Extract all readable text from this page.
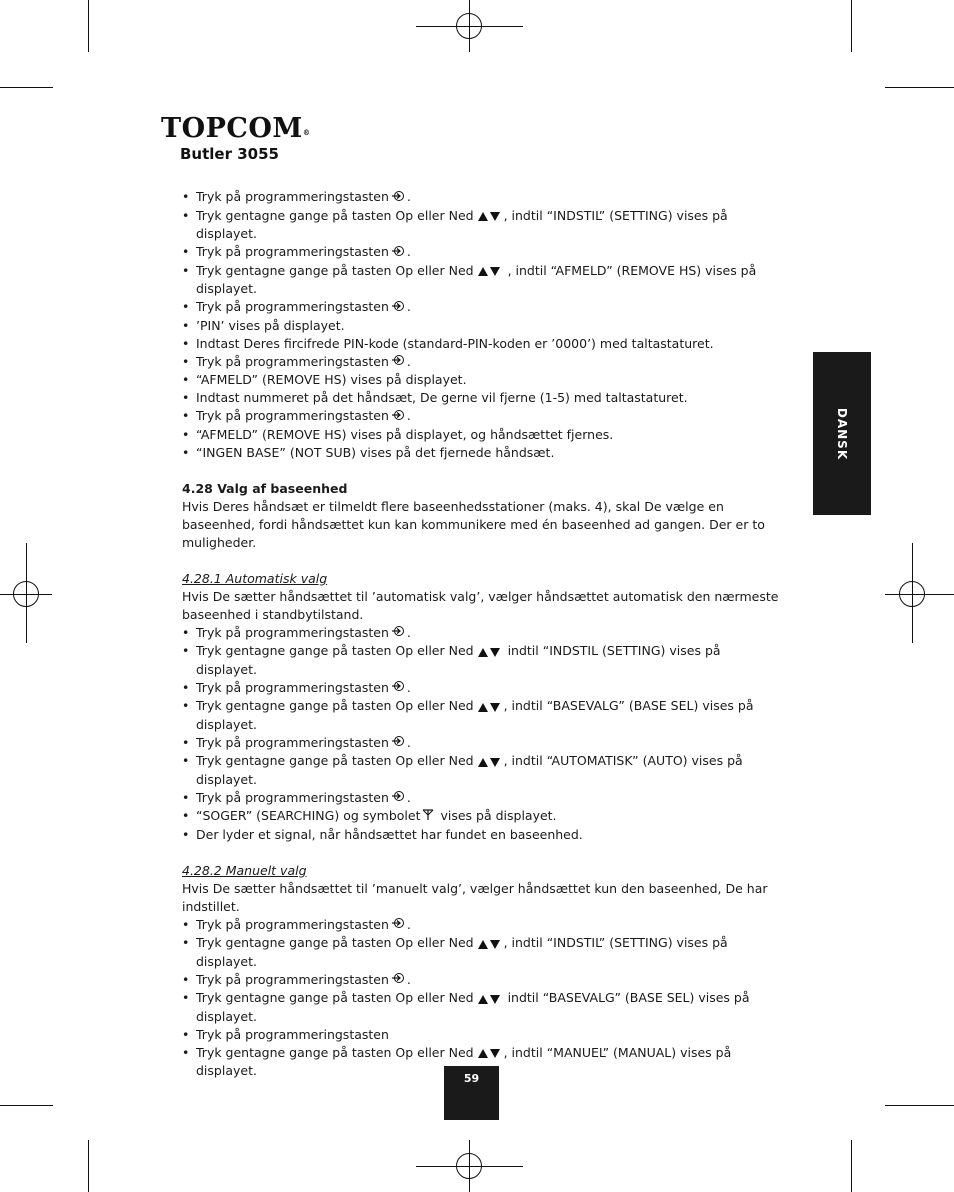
TOPCOM®
Butler 3055
DANSK
• Tryk på programmeringstasten .
• Tryk gentagne gange på tasten Op eller Ned , indtil “INDSTIL” (SETTING) vises på
displayet.
• Tryk på programmeringstasten .
• Tryk gentagne gange på tasten Op eller Ned , indtil “AFMELD” (REMOVE HS) vises på
displayet.
• Tryk på programmeringstasten .
• ’PIN’ vises på displayet.
• Indtast Deres fircifrede PIN-kode (standard-PIN-koden er ’0000’) med taltastaturet.
• Tryk på programmeringstasten .
• “AFMELD” (REMOVE HS) vises på displayet.
• Indtast nummeret på det håndsæt, De gerne vil fjerne (1-5) med taltastaturet.
• Tryk på programmeringstasten .
• “AFMELD” (REMOVE HS) vises på displayet, og håndsættet fjernes.
• “INGEN BASE” (NOT SUB) vises på det fjernede håndsæt.
4.28 Valg af baseenhed

Hvis Deres håndsæt er tilmeldt flere baseenhedsstationer (maks. 4), skal De vælge en
baseenhed, fordi håndsættet kun kan kommunikere med én baseenhed ad gangen. Der er to
muligheder.

4.28.1 Automatisk valg

Hvis De sætter håndsættet til ’automatisk valg’, vælger håndsættet automatisk den nærmeste
baseenhed i standbytilstand.

• Tryk på programmeringstasten .
• Tryk gentagne gange på tasten Op eller Ned indtil “INDSTIL (SETTING) vises på displayet.
• Tryk på programmeringstasten .
• Tryk gentagne gange på tasten Op eller Ned , indtil “BASEVALG” (BASE SEL) vises på
displayet.
• Tryk på programmeringstasten .
• Tryk gentagne gange på tasten Op eller Ned , indtil “AUTOMATISK” (AUTO) vises på
displayet.
• Tryk på programmeringstasten .
• “SOGER” (SEARCHING) og symbolet vises på displayet.
• Der lyder et signal, når håndsættet har fundet en baseenhed.
4.28.2 Manuelt valg

Hvis De sætter håndsættet til ’manuelt valg’, vælger håndsættet kun den baseenhed, De har
indstillet.

• Tryk på programmeringstasten .
• Tryk gentagne gange på tasten Op eller Ned , indtil “INDSTIL” (SETTING) vises på displayet.
• Tryk på programmeringstasten .
• Tryk gentagne gange på tasten Op eller Ned indtil “BASEVALG” (BASE SEL) vises på
displayet.
• Tryk på programmeringstasten
• Tryk gentagne gange på tasten Op eller Ned , indtil “MANUEL” (MANUAL) vises på
displayet.
59
